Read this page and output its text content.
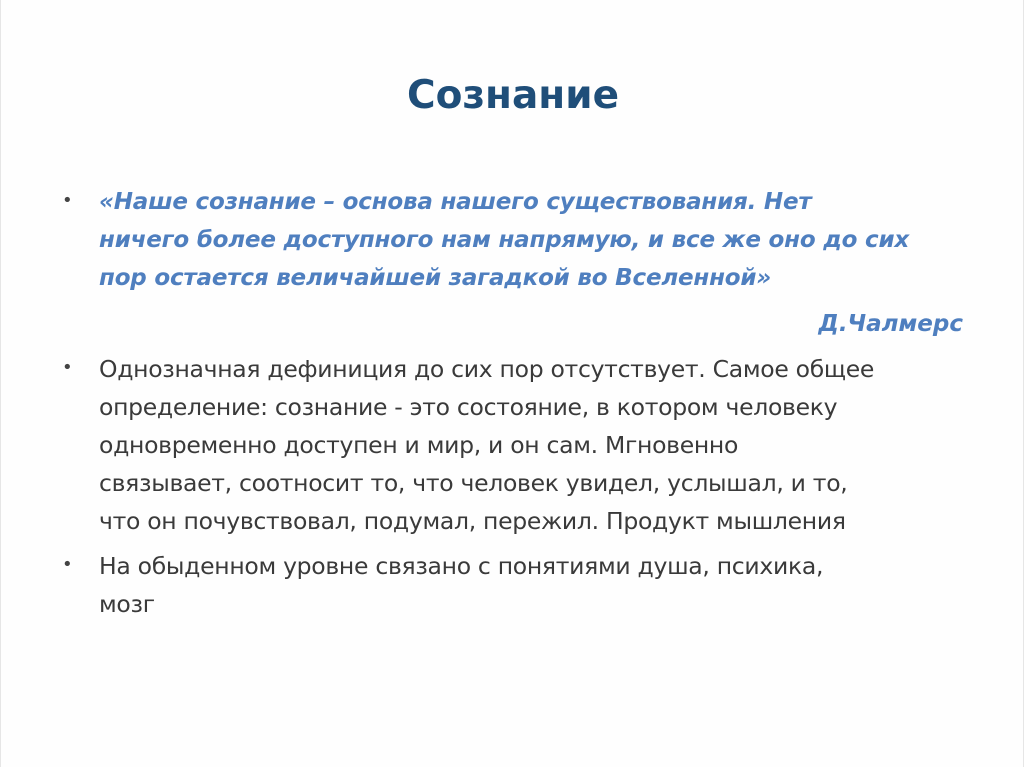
Сознание
• «Наше сознание – основа нашего существования. Нет
ничего более доступного нам напрямую, и все же оно до сих
пор остается величайшей загадкой во Вселенной»
Д.Чалмерс
• Однозначная дефиниция до сих пор отсутствует. Самое общее
определение: сознание - это состояние, в котором человеку
одновременно доступен и мир, и он сам. Мгновенно
связывает, соотносит то, что человек увидел, услышал, и то,
что он почувствовал, подумал, пережил. Продукт мышления
• На обыденном уровне связано с понятиями душа, психика,
мозг
